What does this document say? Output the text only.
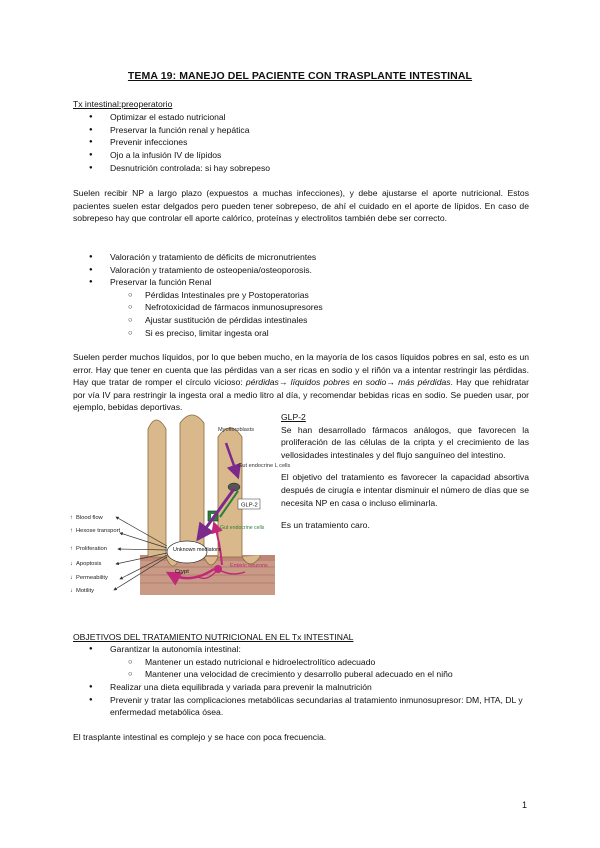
TEMA 19: MANEJO DEL PACIENTE CON TRASPLANTE INTESTINAL
Tx intestinal:preoperatorio
● Optimizar el estado nutricional
● Preservar la función renal y hepática
● Prevenir infecciones
● Ojo a la infusión IV de lípidos
● Desnutrición controlada: si hay sobrepeso
Suelen recibir NP a largo plazo (expuestos a muchas infecciones), y debe ajustarse el aporte nutricional. Estos pacientes suelen estar delgados pero pueden tener sobrepeso, de ahí el cuidado en el aporte de lípidos. En caso de sobrepeso hay que controlar ell aporte calórico, proteínas y electrolitos también debe ser correcto.
● Valoración y tratamiento de déficits de micronutrientes
● Valoración y tratamiento de osteopenia/osteoporosis.
● Preservar la función Renal
○ Pérdidas Intestinales pre y Postoperatorias
○ Nefrotoxicidad de fármacos inmunosupresores
○ Ajustar sustitución de pérdidas intestinales
○ Si es preciso, limitar ingesta oral
Suelen perder muchos líquidos, por lo que beben mucho, en la mayoría de los casos líquidos pobres en sal, esto es un error. Hay que tener en cuenta que las pérdidas van a ser ricas en sodio y el riñón va a intentar restringir las pérdidas. Hay que tratar de romper el círculo vicioso: pérdidas→ líquidos pobres en sodio→ más pérdidas. Hay que rehidratar por vía IV para restringir la ingesta oral a medio litro al día, y recomendar bebidas ricas en sodio. Se pueden usar, por ejemplo, bebidas deportivas.
Myofibroblasts
Gut endocrine L cells
GLP-2
Gut endocrine cells
Unknown mediators
Crypt
Enteric neurons
↑ Blood flow
↑ Hexose transport
↑ Proliferation
↓ Apoptosis
↓ Permeability
↓ Motility
GLP-2
Se han desarrollado fármacos análogos, que favorecen la proliferación de las células de la cripta y el crecimiento de las vellosidades intestinales y del flujo sanguíneo del intestino.
El objetivo del tratamiento es favorecer la capacidad absortiva después de cirugía e intentar disminuir el número de días que se necesita NP en casa o incluso eliminarla.
Es un tratamiento caro.
OBJETIVOS DEL TRATAMIENTO NUTRICIONAL EN EL Tx INTESTINAL
● Garantizar la autonomía intestinal:
○ Mantener un estado nutricional e hidroelectrolítico adecuado
○ Mantener una velocidad de crecimiento y desarrollo puberal adecuado en el niño
● Realizar una dieta equilibrada y variada para prevenir la malnutrición
● Prevenir y tratar las complicaciones metabólicas secundarias al tratamiento inmunosupresor: DM, HTA, DL y enfermedad metabólica ósea.
El trasplante intestinal es complejo y se hace con poca frecuencia.
1
